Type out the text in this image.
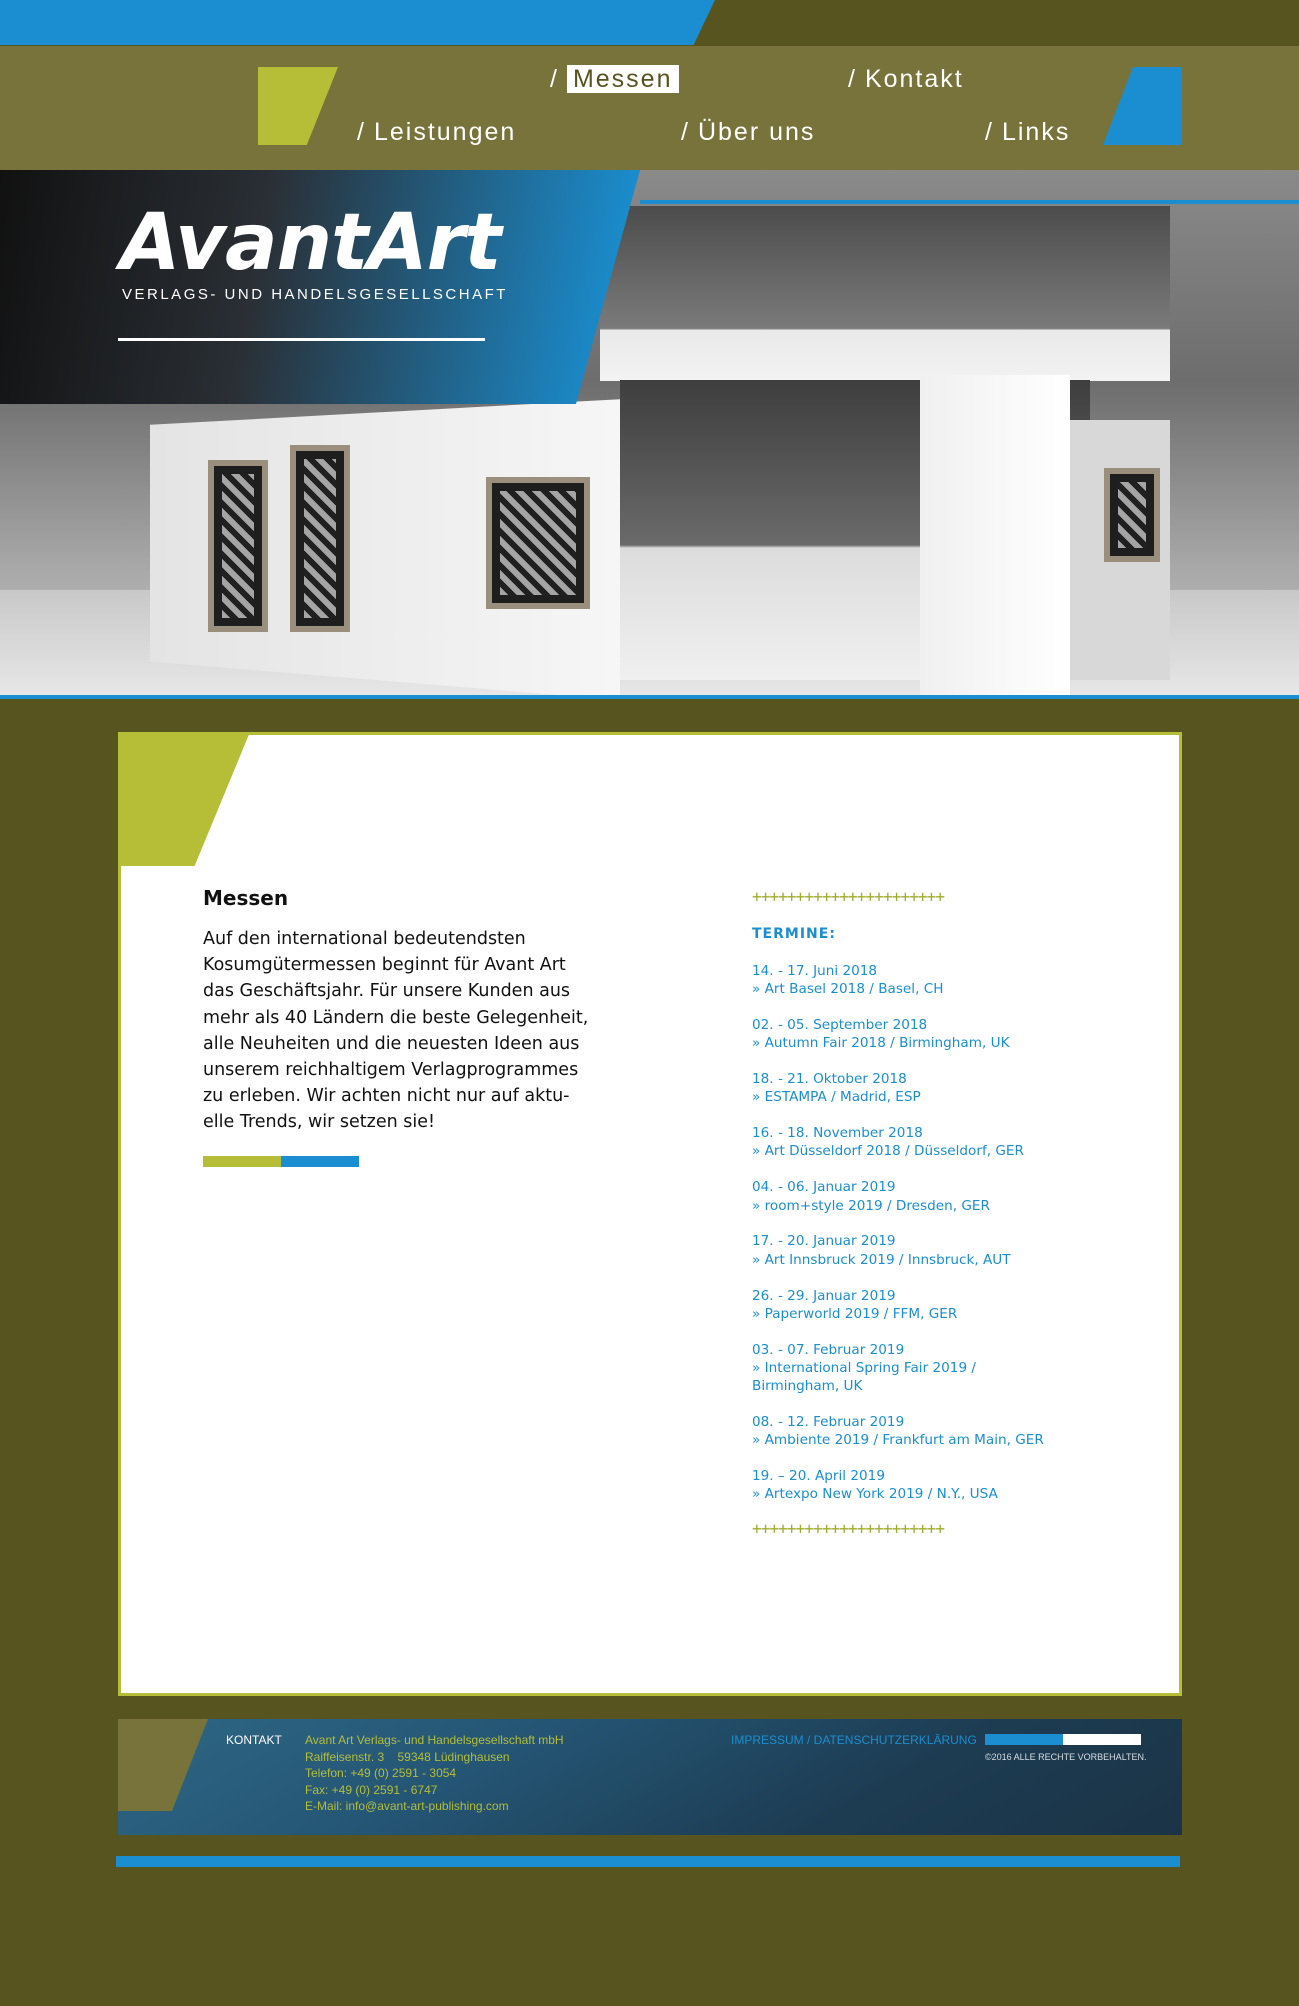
/ Messen	/ Kontakt
/ Leistungen	/ Über uns	/ Links
AvantArt
VERLAGS- UND HANDELSGESELLSCHAFT
Messen

Auf den international bedeutendsten

Kosumgütermessen beginnt für Avant Art

das Geschäftsjahr. Für unsere Kunden aus

mehr als 40 Ländern die beste Gelegenheit,

alle Neuheiten und die neuesten Ideen aus

unserem reichhaltigem Verlagprogrammes

zu erleben. Wir achten nicht nur auf aktu-

elle Trends, wir setzen sie!

++++++++++++++++++++++
TERMINE:
14. - 17. Juni 2018
» Art Basel 2018 / Basel, CH
02. - 05. September 2018
» Autumn Fair 2018 / Birmingham, UK
18. - 21. Oktober 2018
» ESTAMPA / Madrid, ESP
16. - 18. November 2018
» Art Düsseldorf 2018 / Düsseldorf, GER
04. - 06. Januar 2019
» room+style 2019 / Dresden, GER
17. - 20. Januar 2019
» Art Innsbruck 2019 / Innsbruck, AUT
26. - 29. Januar 2019
» Paperworld 2019 / FFM, GER
03. - 07. Februar 2019
» International Spring Fair 2019 /
Birmingham, UK
08. - 12. Februar 2019
» Ambiente 2019 / Frankfurt am Main, GER
19. – 20. April 2019
» Artexpo New York 2019 / N.Y., USA
++++++++++++++++++++++
KONTAKT Avant Art Verlags- und Handelsgesellschaft mbH
Raiffeisenstr. 3    59348 Lüdinghausen
Telefon: +49 (0) 2591 - 3054
Fax: +49 (0) 2591 - 6747
E-Mail: info@avant-art-publishing.com
IMPRESSUM / DATENSCHUTZERKLÄRUNG
©2016 ALLE RECHTE VORBEHALTEN.
